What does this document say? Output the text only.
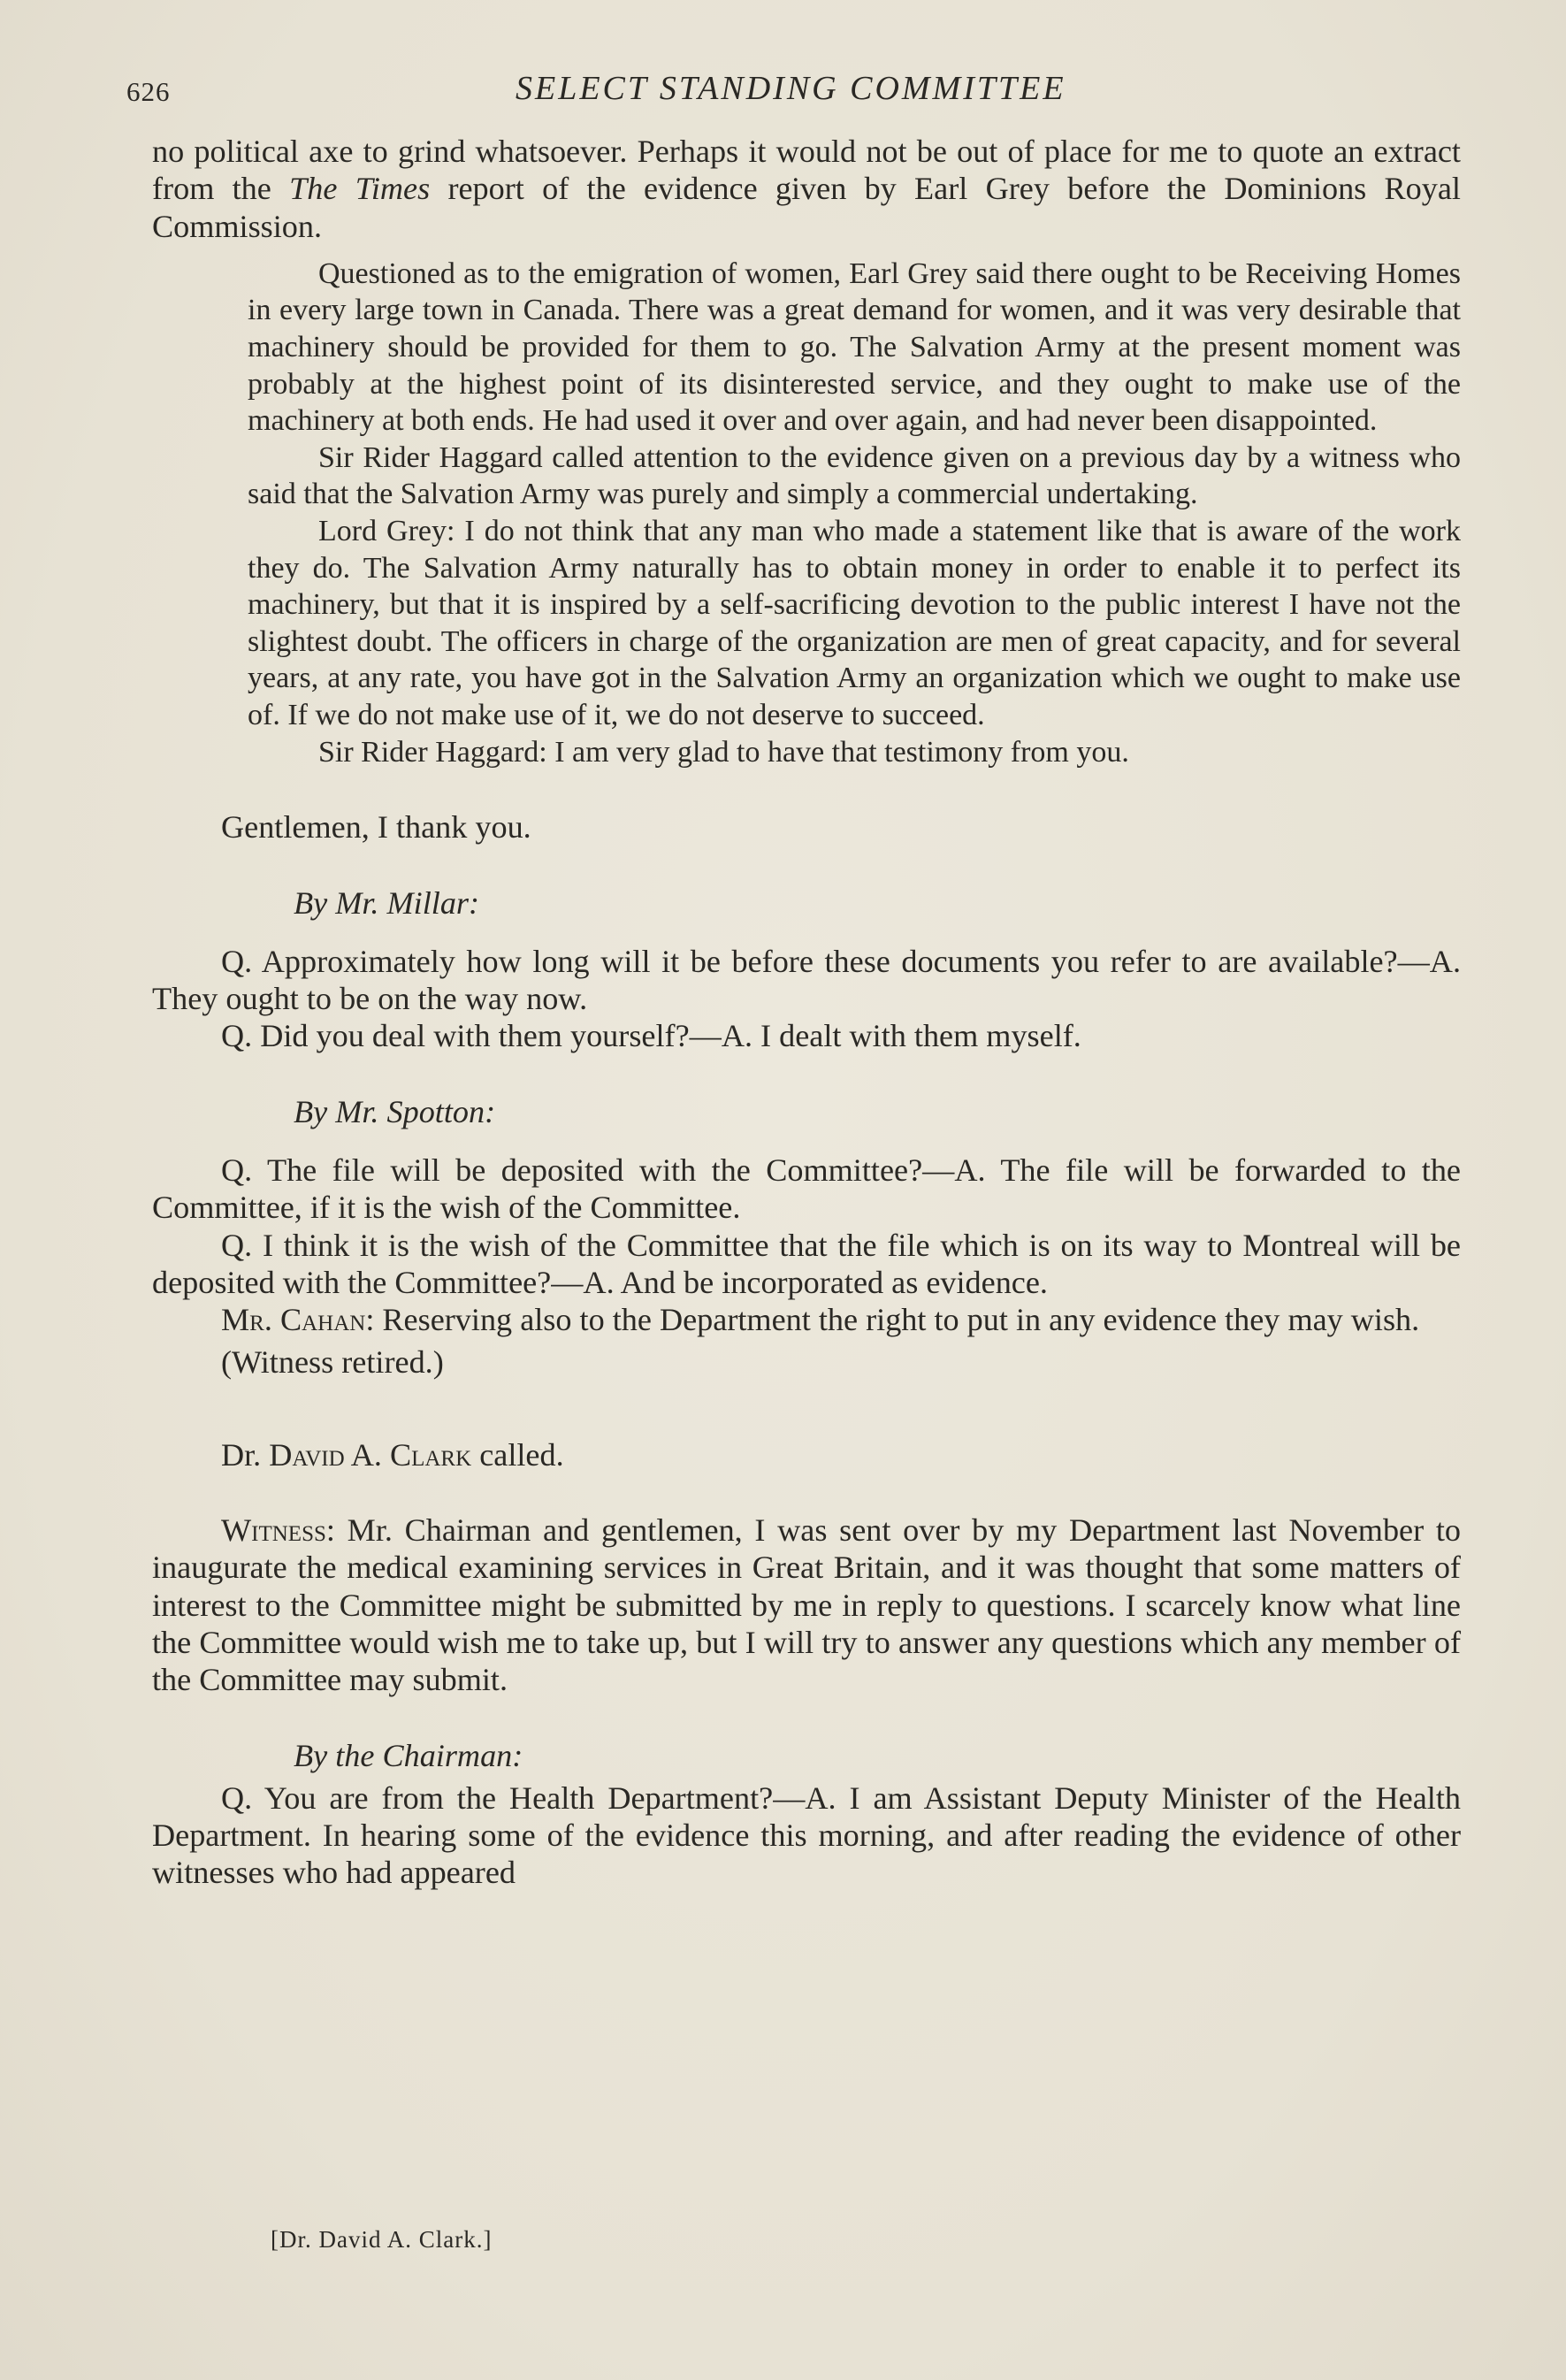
626	SELECT STANDING COMMITTEE

no political axe to grind whatsoever. Perhaps it would not be out of place for me to quote an extract from the The Times report of the evidence given by Earl Grey before the Dominions Royal Commission.

Questioned as to the emigration of women, Earl Grey said there ought to be Receiving Homes in every large town in Canada. There was a great demand for women, and it was very desirable that machinery should be provided for them to go. The Salvation Army at the present moment was probably at the highest point of its disinterested service, and they ought to make use of the machinery at both ends. He had used it over and over again, and had never been disappointed.

Sir Rider Haggard called attention to the evidence given on a previous day by a witness who said that the Salvation Army was purely and simply a commercial undertaking.

Lord Grey: I do not think that any man who made a statement like that is aware of the work they do. The Salvation Army naturally has to obtain money in order to enable it to perfect its machinery, but that it is inspired by a self-sacrificing devotion to the public interest I have not the slightest doubt. The officers in charge of the organization are men of great capacity, and for several years, at any rate, you have got in the Salvation Army an organization which we ought to make use of. If we do not make use of it, we do not deserve to succeed.

Sir Rider Haggard: I am very glad to have that testimony from you.

Gentlemen, I thank you.

By Mr. Millar:

Q. Approximately how long will it be before these documents you refer to are available?—A. They ought to be on the way now.

Q. Did you deal with them yourself?—A. I dealt with them myself.

By Mr. Spotton:

Q. The file will be deposited with the Committee?—A. The file will be forwarded to the Committee, if it is the wish of the Committee.

Q. I think it is the wish of the Committee that the file which is on its way to Montreal will be deposited with the Committee?—A. And be incorporated as evidence.

Mr. Cahan: Reserving also to the Department the right to put in any evidence they may wish.

(Witness retired.)

Dr. David A. Clark called.

Witness: Mr. Chairman and gentlemen, I was sent over by my Department last November to inaugurate the medical examining services in Great Britain, and it was thought that some matters of interest to the Committee might be submitted by me in reply to questions. I scarcely know what line the Committee would wish me to take up, but I will try to answer any questions which any member of the Committee may submit.

By the Chairman:

Q. You are from the Health Department?—A. I am Assistant Deputy Minister of the Health Department. In hearing some of the evidence this morning, and after reading the evidence of other witnesses who had appeared

[Dr. David A. Clark.]
